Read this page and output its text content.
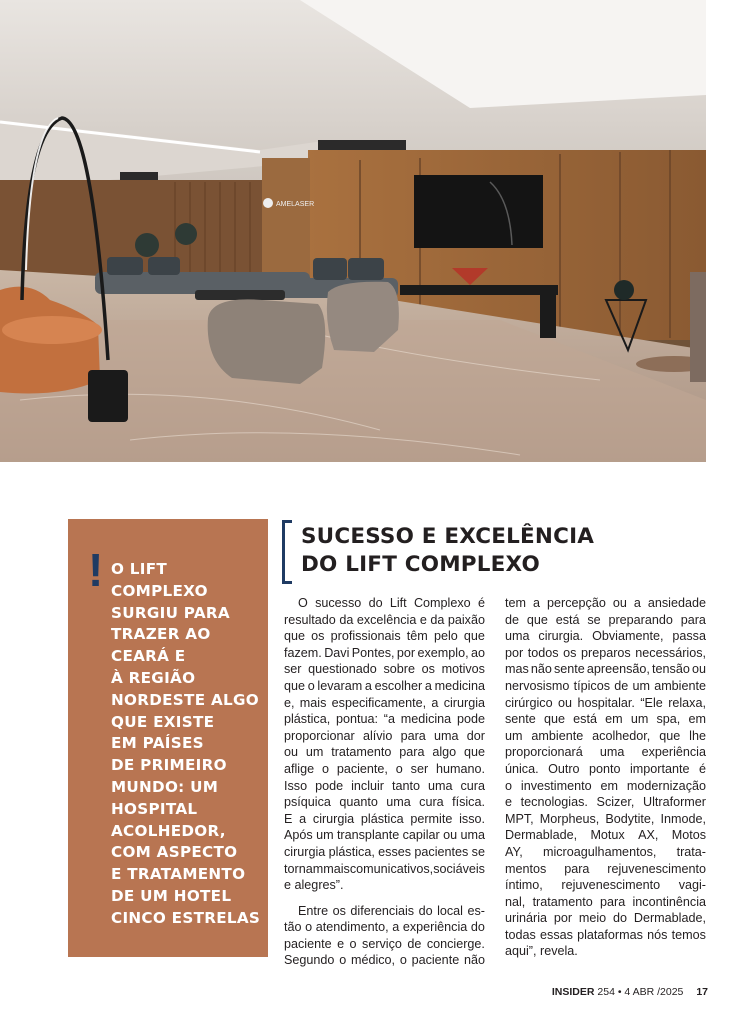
AMELASER
! O LIFT
COMPLEXO
SURGIU PARA
TRAZER AO
CEARÁ E
À REGIÃO
NORDESTE ALGO
QUE EXISTE
EM PAÍSES
DE PRIMEIRO
MUNDO: UM
HOSPITAL
ACOLHEDOR,
COM ASPECTO
E TRATAMENTO
DE UM HOTEL
CINCO ESTRELAS
SUCESSO E EXCELÊNCIA
DO LIFT COMPLEXO
O sucesso do Lift Complexo é
resultado da excelência e da paixão
que os profissionais têm pelo que
fazem. Davi Pontes, por exemplo, ao
ser questionado sobre os motivos
que o levaram a escolher a medicina
e, mais especificamente, a cirurgia
plástica, pontua: “a medicina pode
proporcionar alívio para uma dor
ou um tratamento para algo que
aflige o paciente, o ser humano.
Isso pode incluir tanto uma cura
psíquica quanto uma cura física.
E a cirurgia plástica permite isso.
Após um transplante capilar ou uma
cirurgia plástica, esses pacientes se
tornam mais comunicativos, sociáveis
e alegres”.
Entre os diferenciais do local es-
tão o atendimento, a experiência do
paciente e o serviço de concierge.
Segundo o médico, o paciente não
tem a percepção ou a ansiedade
de que está se preparando para
uma cirurgia. Obviamente, passa
por todos os preparos necessários,
mas não sente apreensão, tensão ou
nervosismo típicos de um ambiente
cirúrgico ou hospitalar. “Ele relaxa,
sente que está em um spa, em
um ambiente acolhedor, que lhe
proporcionará uma experiência
única. Outro ponto importante é
o investimento em modernização
e tecnologias. Scizer, Ultraformer
MPT, Morpheus, Bodytite, Inmode,
Dermablade, Motux AX, Motos
AY, microagulhamentos, trata-
mentos para rejuvenescimento
íntimo, rejuvenescimento vagi-
nal, tratamento para incontinência
urinária por meio do Dermablade,
todas essas plataformas nós temos
aqui”, revela.
INSIDER 254 • 4 ABR /2025 17
